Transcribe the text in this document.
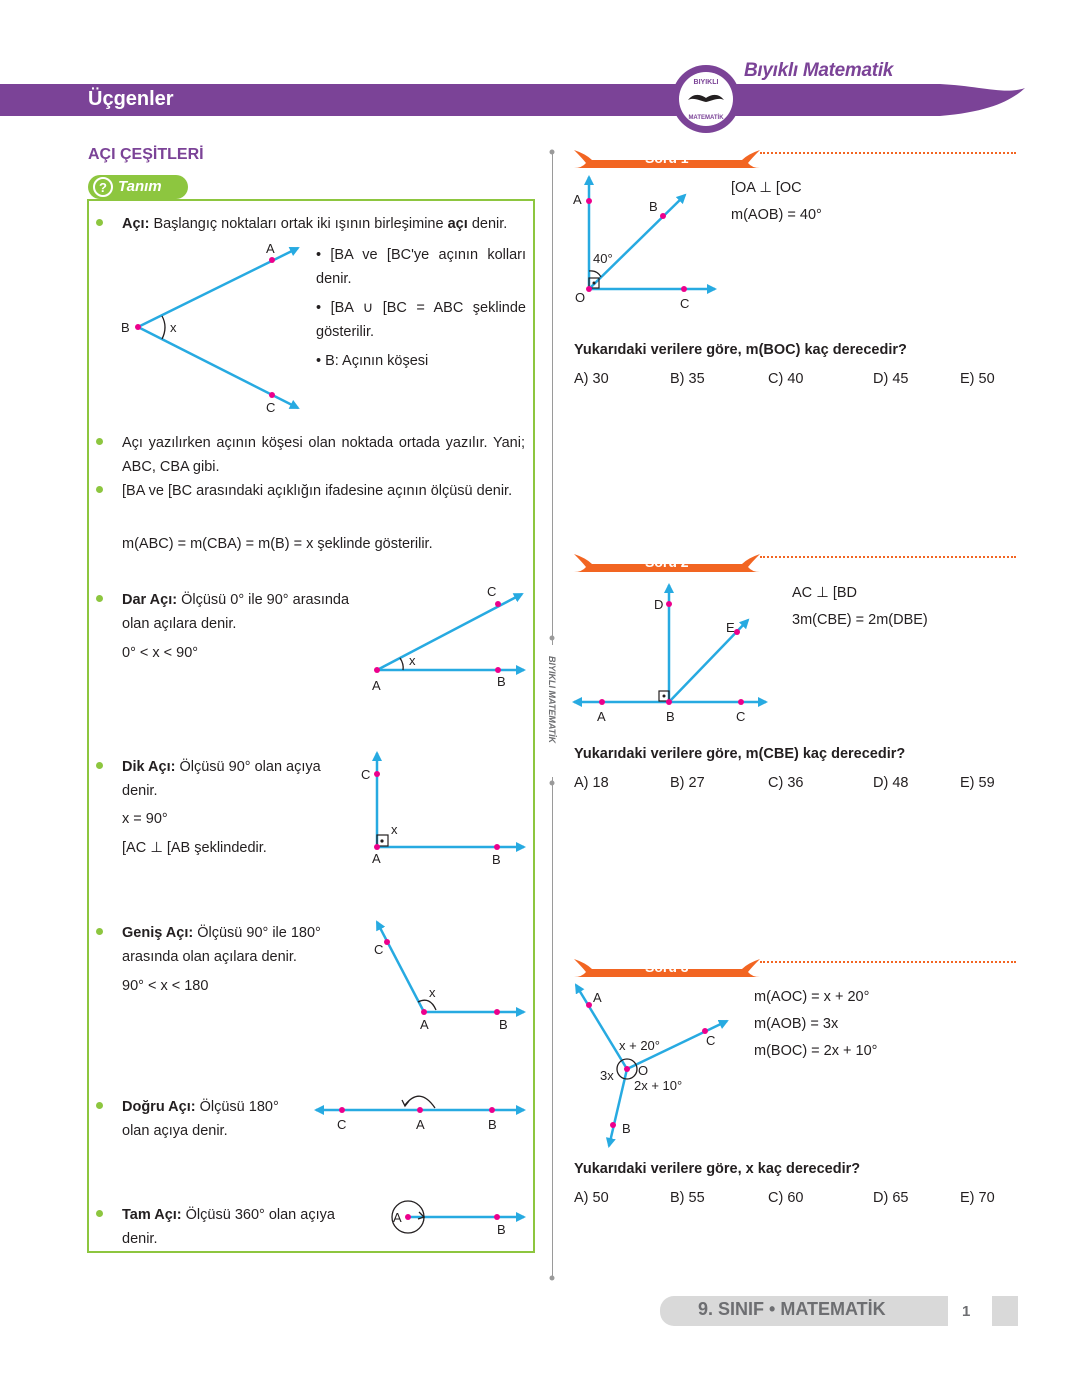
Üçgenler
Bıyıklı Matematik
BIYIKLI
MATEMATİK
AÇI ÇEŞİTLERİ
? Tanım
Açı: Başlangıç noktaları ortak iki ışının birleşimine açı denir.
• [BA ve [BC'ye açının kolları denir.
• [BA ∪ [BC = ABC şeklinde gösterilir.
• B: Açının köşesi
Açı yazılırken açının köşesi olan noktada ortada yazılır. Yani; ABC, CBA gibi.
[BA ve [BC arasındaki açıklığın ifadesine açının ölçüsü denir.
m(ABC) = m(CBA) = m(B) = x şeklinde gösterilir.
Dar Açı: Ölçüsü 0° ile 90° arasında olan açılara denir.
0° < x < 90°
Dik Açı: Ölçüsü 90° olan açıya denir.
x = 90°
[AC ⊥ [AB şeklindedir.
Geniş Açı: Ölçüsü 90° ile 180° arasında olan açılara denir.
90° < x < 180
Doğru Açı: Ölçüsü 180° olan açıya denir.
Tam Açı: Ölçüsü 360° olan açıya denir.
A
B
C
x
C
x
A	B
C
x
A	B
C
x
A	B
C	A	B
A
B
BIYIKLI MATEMATİK
Soru 1
Soru 2
Soru 3
A	B
O	C
40°
[OA ⊥ [OC
m(AOB) = 40°
Yukarıdaki verilere göre, m(BOC) kaç derecedir?
A) 30	B) 35	C) 40	D) 45	E) 50
D
E
A	B	C
AC ⊥ [BD
3m(CBE) = 2m(DBE)
Yukarıdaki verilere göre, m(CBE) kaç derecedir?
A) 18	B) 27	C) 36	D) 48	E) 59
A
C
O
B
x + 20°
3x
2x + 10°
m(AOC) = x + 20°
m(AOB) = 3x
m(BOC) = 2x + 10°
Yukarıdaki verilere göre, x kaç derecedir?
A) 50	B) 55	C) 60	D) 65	E) 70
9. SINIF • MATEMATİK	1
